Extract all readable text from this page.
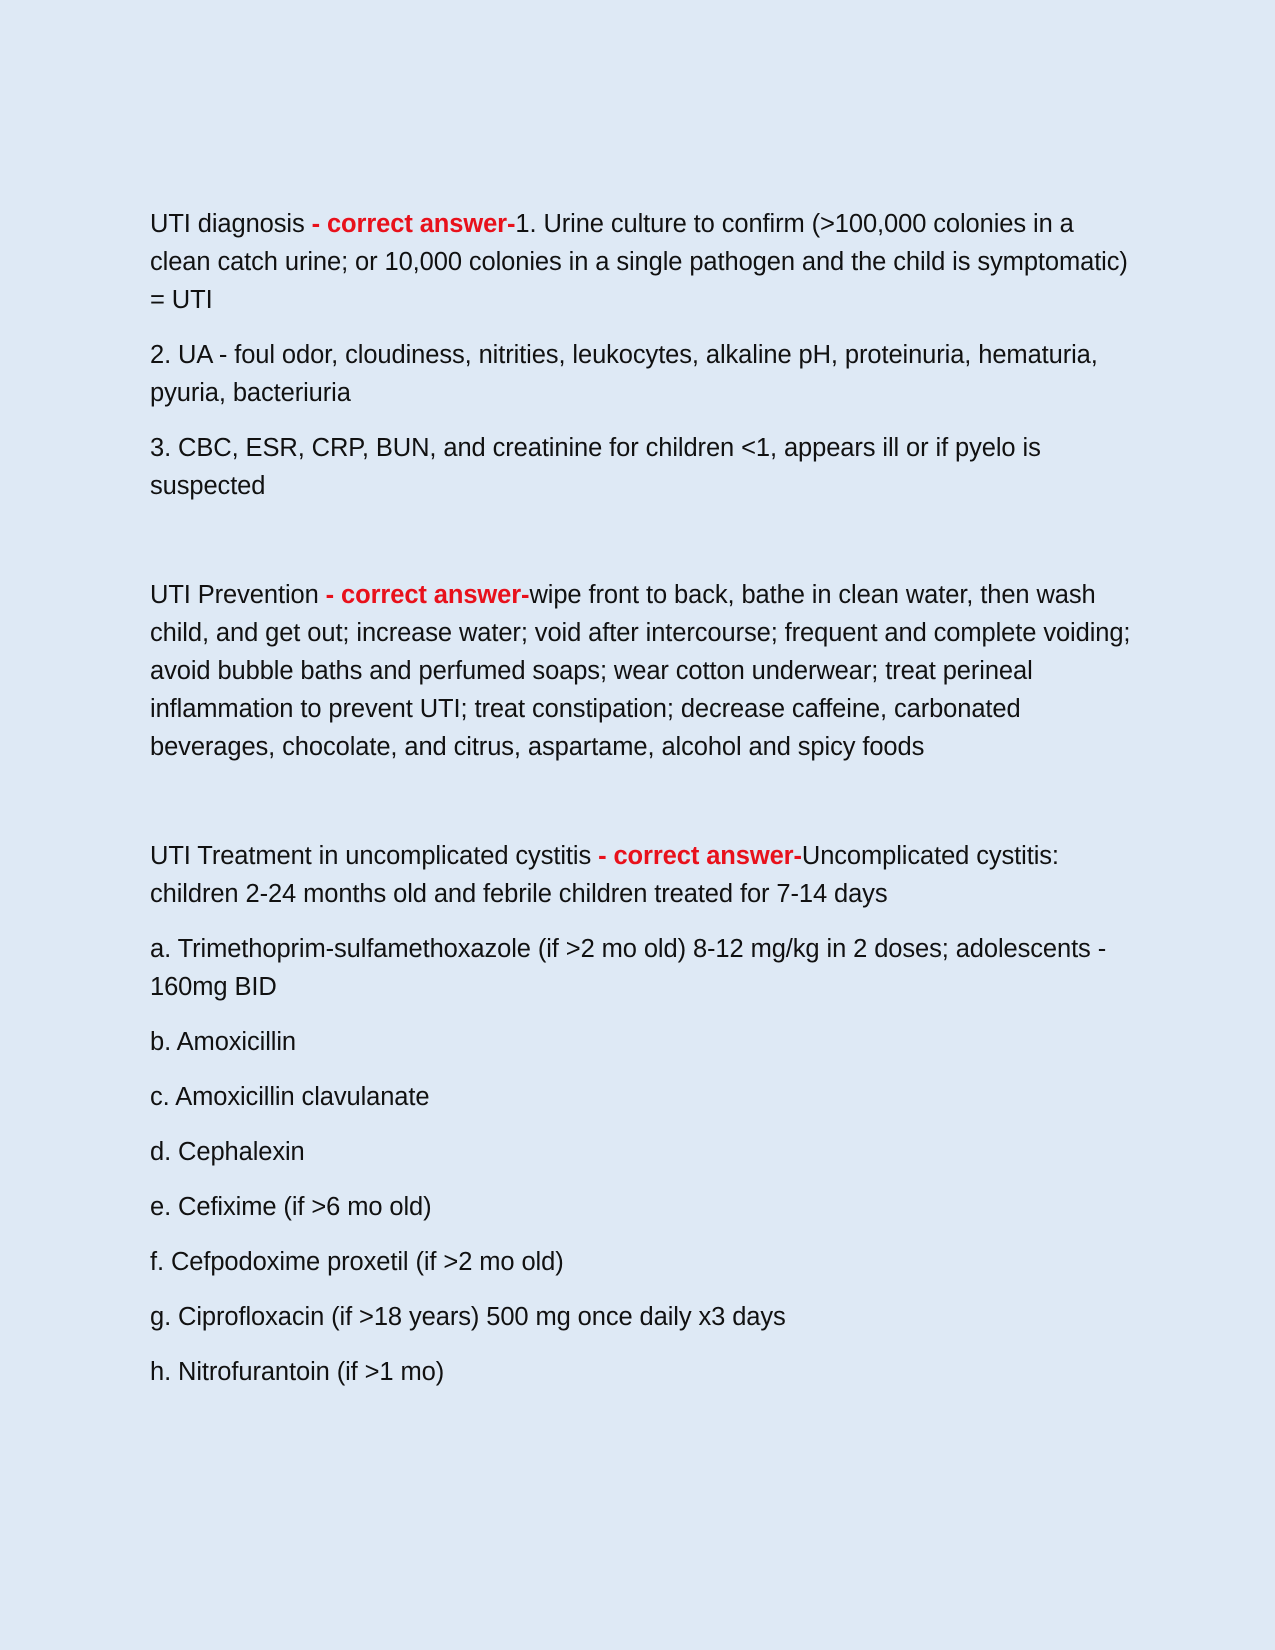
UTI diagnosis - correct answer-1. Urine culture to confirm (>100,000 colonies in a clean catch urine; or 10,000 colonies in a single pathogen and the child is symptomatic) = UTI

2. UA - foul odor, cloudiness, nitrities, leukocytes, alkaline pH, proteinuria, hematuria, pyuria, bacteriuria

3. CBC, ESR, CRP, BUN, and creatinine for children <1, appears ill or if pyelo is suspected

UTI Prevention - correct answer-wipe front to back, bathe in clean water, then wash child, and get out; increase water; void after intercourse; frequent and complete voiding; avoid bubble baths and perfumed soaps; wear cotton underwear; treat perineal inflammation to prevent UTI; treat constipation; decrease caffeine, carbonated beverages, chocolate, and citrus, aspartame, alcohol and spicy foods

UTI Treatment in uncomplicated cystitis - correct answer-Uncomplicated cystitis: children 2-24 months old and febrile children treated for 7-14 days

a. Trimethoprim-sulfamethoxazole (if >2 mo old) 8-12 mg/kg in 2 doses; adolescents - 160mg BID

b. Amoxicillin

c. Amoxicillin clavulanate

d. Cephalexin

e. Cefixime (if >6 mo old)

f. Cefpodoxime proxetil (if >2 mo old)

g. Ciprofloxacin (if >18 years) 500 mg once daily x3 days

h. Nitrofurantoin (if >1 mo)
